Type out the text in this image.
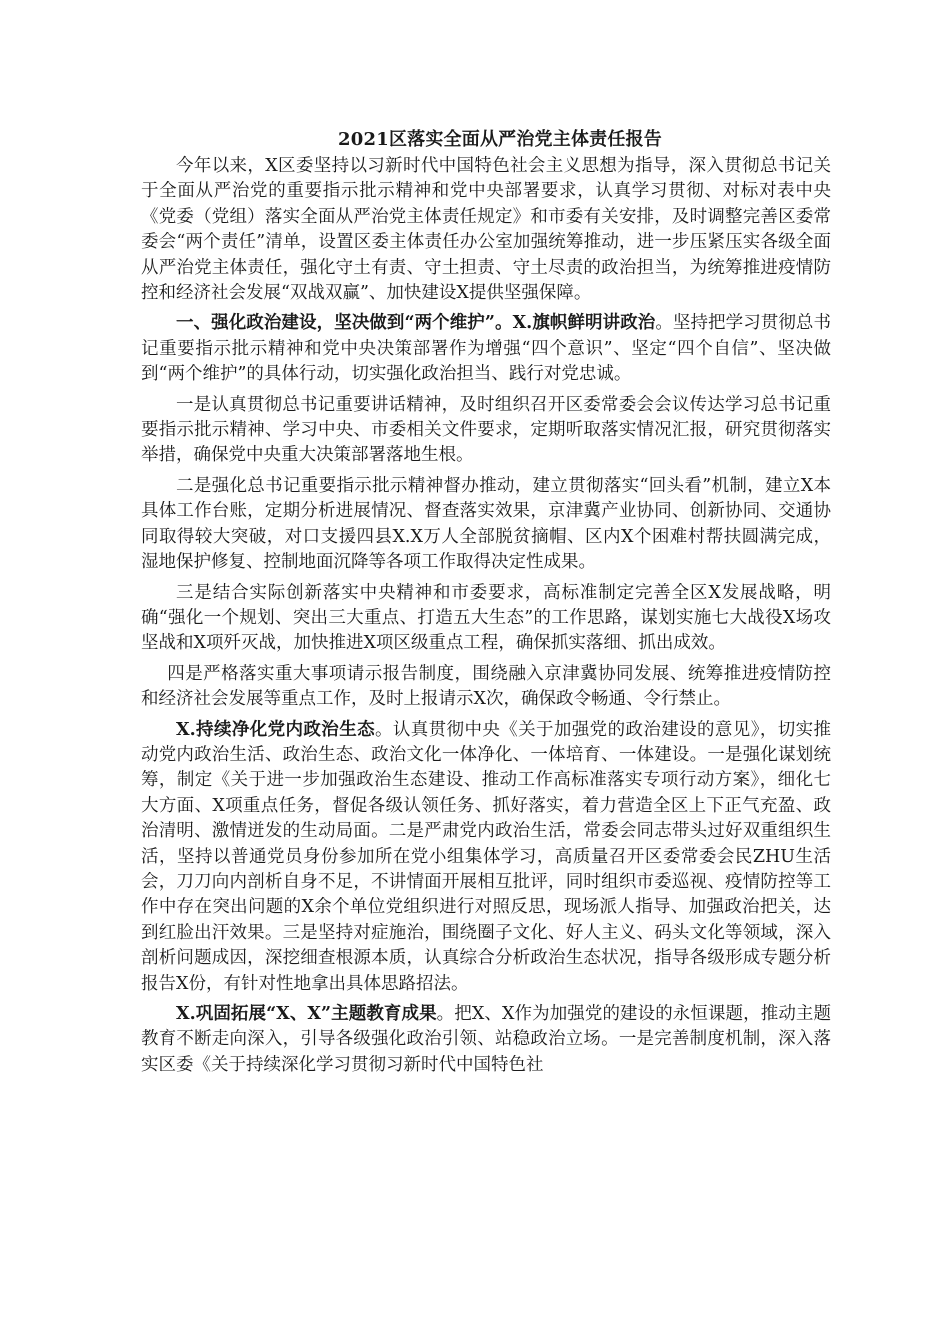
2021区落实全面从严治党主体责任报告

今年以来，X区委坚持以习新时代中国特色社会主义思想为指导，深入贯彻总书记关于全面从严治党的重要指示批示精神和党中央部署要求，认真学习贯彻、对标对表中央《党委（党组）落实全面从严治党主体责任规定》和市委有关安排，及时调整完善区委常委会“两个责任”清单，设置区委主体责任办公室加强统筹推动，进一步压紧压实各级全面从严治党主体责任，强化守土有责、守土担责、守土尽责的政治担当，为统筹推进疫情防控和经济社会发展“双战双赢”、加快建设X提供坚强保障。

一、强化政治建设，坚决做到“两个维护”。X.旗帜鲜明讲政治。坚持把学习贯彻总书记重要指示批示精神和党中央决策部署作为增强“四个意识”、坚定“四个自信”、坚决做到“两个维护”的具体行动，切实强化政治担当、践行对党忠诚。

一是认真贯彻总书记重要讲话精神，及时组织召开区委常委会会议传达学习总书记重要指示批示精神、学习中央、市委相关文件要求，定期听取落实情况汇报，研究贯彻落实举措，确保党中央重大决策部署落地生根。

二是强化总书记重要指示批示精神督办推动，建立贯彻落实“回头看”机制，建立X本具体工作台账，定期分析进展情况、督查落实效果，京津冀产业协同、创新协同、交通协同取得较大突破，对口支援四县X.X万人全部脱贫摘帽、区内X个困难村帮扶圆满完成，湿地保护修复、控制地面沉降等各项工作取得决定性成果。

三是结合实际创新落实中央精神和市委要求，高标准制定完善全区X发展战略，明确“强化一个规划、突出三大重点、打造五大生态”的工作思路，谋划实施七大战役X场攻坚战和X项歼灭战，加快推进X项区级重点工程，确保抓实落细、抓出成效。

四是严格落实重大事项请示报告制度，围绕融入京津冀协同发展、统筹推进疫情防控和经济社会发展等重点工作，及时上报请示X次，确保政令畅通、令行禁止。

X.持续净化党内政治生态。认真贯彻中央《关于加强党的政治建设的意见》，切实推动党内政治生活、政治生态、政治文化一体净化、一体培育、一体建设。一是强化谋划统筹，制定《关于进一步加强政治生态建设、推动工作高标准落实专项行动方案》，细化七大方面、X项重点任务，督促各级认领任务、抓好落实，着力营造全区上下正气充盈、政治清明、激情迸发的生动局面。二是严肃党内政治生活，常委会同志带头过好双重组织生活，坚持以普通党员身份参加所在党小组集体学习，高质量召开区委常委会民ZHU生活会，刀刀向内剖析自身不足，不讲情面开展相互批评，同时组织市委巡视、疫情防控等工作中存在突出问题的X余个单位党组织进行对照反思，现场派人指导、加强政治把关，达到红脸出汗效果。三是坚持对症施治，围绕圈子文化、好人主义、码头文化等领域，深入剖析问题成因，深挖细查根源本质，认真综合分析政治生态状况，指导各级形成专题分析报告X份，有针对性地拿出具体思路招法。

X.巩固拓展“X、X”主题教育成果。把X、X作为加强党的建设的永恒课题，推动主题教育不断走向深入，引导各级强化政治引领、站稳政治立场。一是完善制度机制，深入落实区委《关于持续深化学习贯彻习新时代中国特色社
